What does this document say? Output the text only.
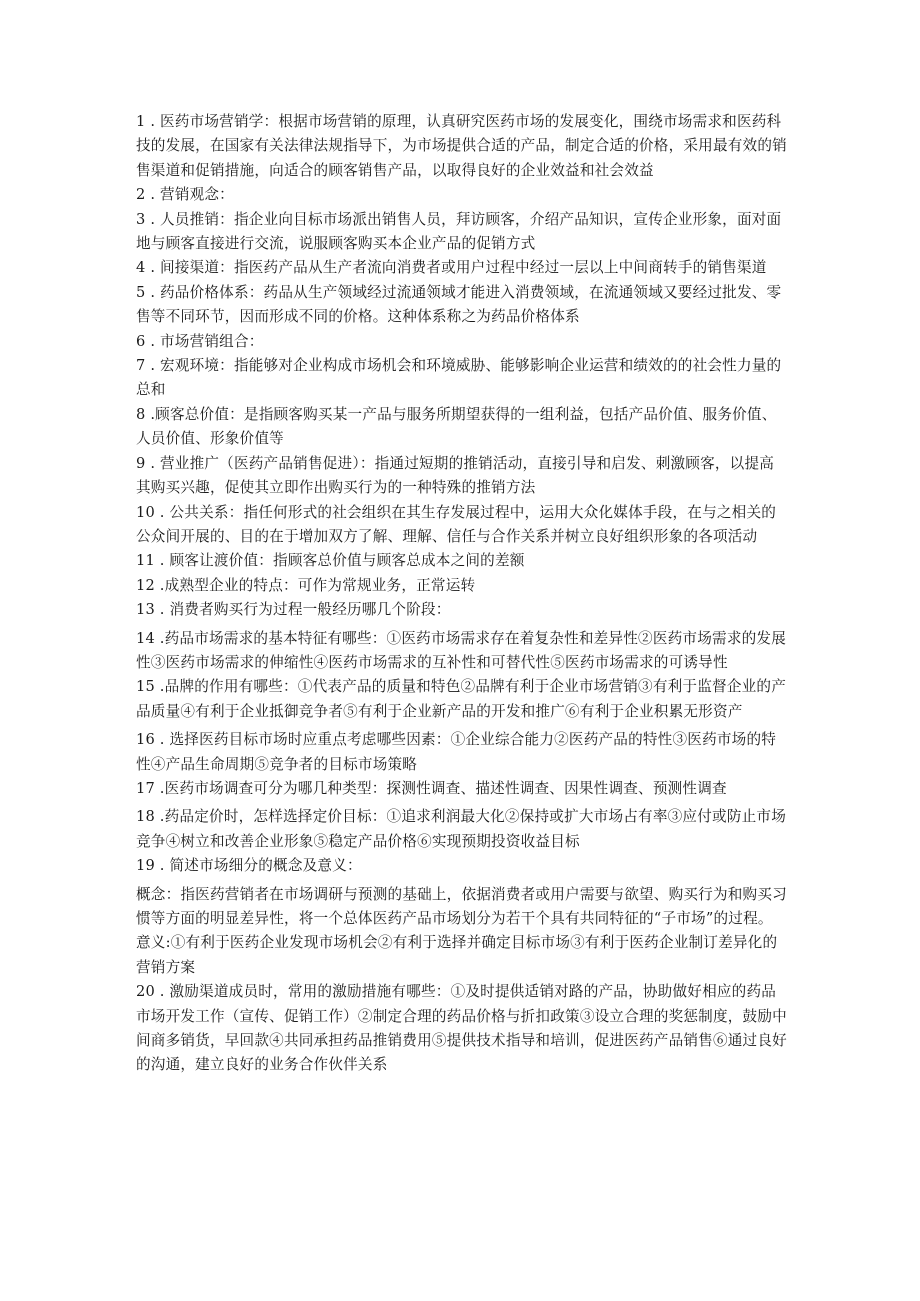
1 . 医药市场营销学：根据市场营销的原理，认真研究医药市场的发展变化，围绕市场需求和医药科技的发展，在国家有关法律法规指导下，为市场提供合适的产品，制定合适的价格，采用最有效的销售渠道和促销措施，向适合的顾客销售产品，以取得良好的企业效益和社会效益

2 . 营销观念：

3 . 人员推销：指企业向目标市场派出销售人员，拜访顾客，介绍产品知识，宣传企业形象，面对面地与顾客直接进行交流，说服顾客购买本企业产品的促销方式

4 . 间接渠道：指医药产品从生产者流向消费者或用户过程中经过一层以上中间商转手的销售渠道

5 . 药品价格体系：药品从生产领域经过流通领域才能进入消费领域，在流通领域又要经过批发、零售等不同环节，因而形成不同的价格。这种体系称之为药品价格体系

6 . 市场营销组合：

7 . 宏观环境：指能够对企业构成市场机会和环境威胁、能够影响企业运营和绩效的的社会性力量的总和

8 .顾客总价值：是指顾客购买某一产品与服务所期望获得的一组利益，包括产品价值、服务价值、人员价值、形象价值等

9 . 营业推广（医药产品销售促进）：指通过短期的推销活动，直接引导和启发、刺激顾客，以提高其购买兴趣，促使其立即作出购买行为的一种特殊的推销方法

10 . 公共关系：指任何形式的社会组织在其生存发展过程中，运用大众化媒体手段，在与之相关的公众间开展的、目的在于增加双方了解、理解、信任与合作关系并树立良好组织形象的各项活动

11 . 顾客让渡价值：指顾客总价值与顾客总成本之间的差额

12 .成熟型企业的特点：可作为常规业务，正常运转

13 . 消费者购买行为过程一般经历哪几个阶段：

14 .药品市场需求的基本特征有哪些：①医药市场需求存在着复杂性和差异性②医药市场需求的发展性③医药市场需求的伸缩性④医药市场需求的互补性和可替代性⑤医药市场需求的可诱导性

15 .品牌的作用有哪些：①代表产品的质量和特色②品牌有利于企业市场营销③有利于监督企业的产品质量④有利于企业抵御竞争者⑤有利于企业新产品的开发和推广⑥有利于企业积累无形资产

16 . 选择医药目标市场时应重点考虑哪些因素：①企业综合能力②医药产品的特性③医药市场的特性④产品生命周期⑤竞争者的目标市场策略

17 .医药市场调查可分为哪几种类型：探测性调查、描述性调查、因果性调查、预测性调查

18 .药品定价时，怎样选择定价目标：①追求利润最大化②保持或扩大市场占有率③应付或防止市场竞争④树立和改善企业形象⑤稳定产品价格⑥实现预期投资收益目标

19 . 简述市场细分的概念及意义：

概念：指医药营销者在市场调研与预测的基础上，依据消费者或用户需要与欲望、购买行为和购买习惯等方面的明显差异性，将一个总体医药产品市场划分为若干个具有共同特征的“子市场”的过程。

意义:①有利于医药企业发现市场机会②有利于选择并确定目标市场③有利于医药企业制订差异化的营销方案

20 . 激励渠道成员时，常用的激励措施有哪些：①及时提供适销对路的产品，协助做好相应的药品市场开发工作（宣传、促销工作）②制定合理的药品价格与折扣政策③设立合理的奖惩制度，鼓励中间商多销货，早回款④共同承担药品推销费用⑤提供技术指导和培训，促进医药产品销售⑥通过良好的沟通，建立良好的业务合作伙伴关系
